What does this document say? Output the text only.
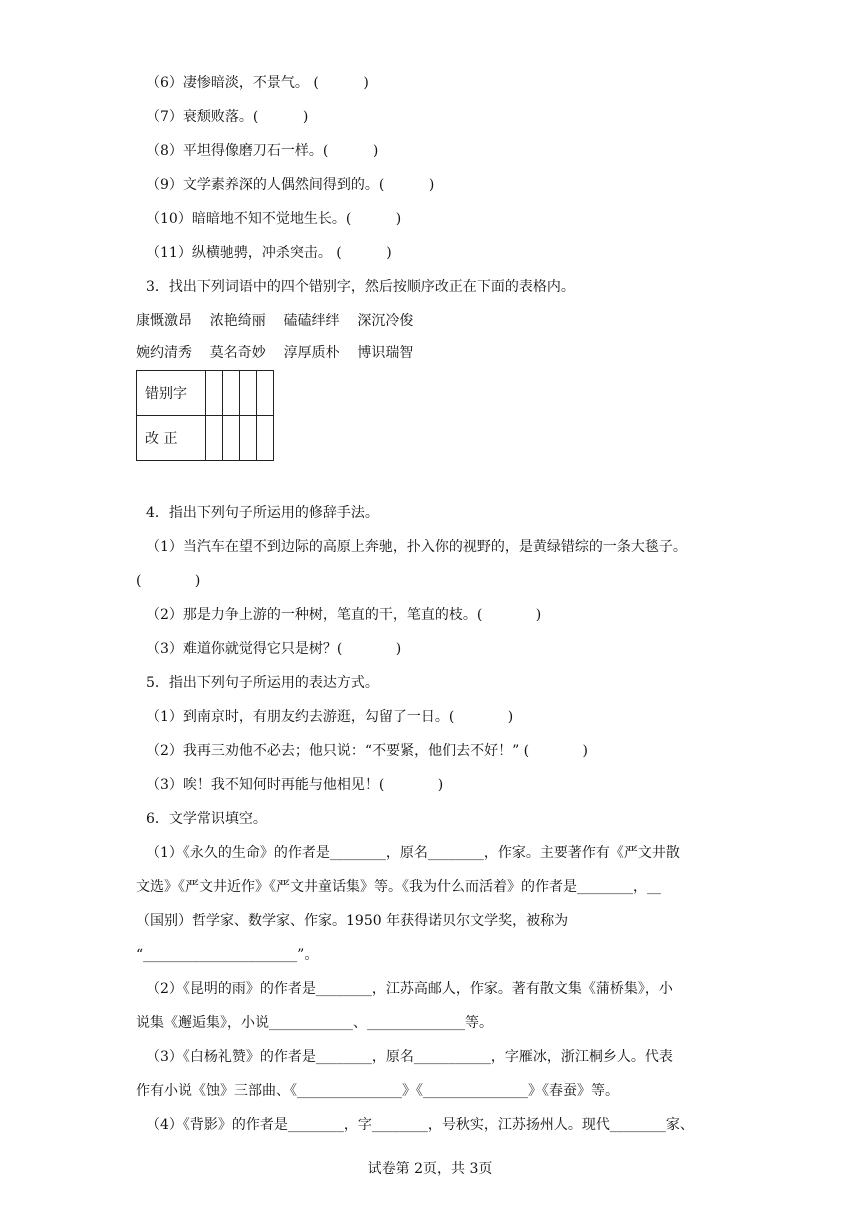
（6）凄惨暗淡，不景气。 (          )
（7）衰颓败落。(          )
（8）平坦得像磨刀石一样。(          )
（9）文学素养深的人偶然间得到的。(          )
（10）暗暗地不知不觉地生长。(          )
（11）纵横驰骋，冲杀突击。 (          )
3．找出下列词语中的四个错别字，然后按顺序改正在下面的表格内。
康慨激昂    浓艳绮丽    磕磕绊绊    深沉冷俊
婉约清秀    莫名奇妙    淳厚质朴    博识瑞智
错别字				
改 正				
4．指出下列句子所运用的修辞手法。
（1）当汽车在望不到边际的高原上奔驰，扑入你的视野的，是黄绿错综的一条大毯子。
(            )
（2）那是力争上游的一种树，笔直的干，笔直的枝。(            )
（3）难道你就觉得它只是树？(            )
5．指出下列句子所运用的表达方式。
（1）到南京时，有朋友约去游逛，勾留了一日。(            )
（2）我再三劝他不必去；他只说：“不要紧，他们去不好！” (            )
（3）唉！我不知何时再能与他相见！(            )
6．文学常识填空。
（1）《永久的生命》的作者是________，原名________，作家。主要著作有《严文井散
文选》《严文井近作》《严文井童话集》等。《我为什么而活着》的作者是________，__
（国别）哲学家、数学家、作家。1950 年获得诺贝尔文学奖，被称为
“______________________”。
（2）《昆明的雨》的作者是________，江苏高邮人，作家。著有散文集《蒲桥集》，小
说集《邂逅集》，小说____________、______________等。
（3）《白杨礼赞》的作者是________，原名___________，字雁冰，浙江桐乡人。代表
作有小说《蚀》三部曲、《_______________》《_______________》《春蚕》等。
（4）《背影》的作者是________，字________，号秋实，江苏扬州人。现代________家、
试卷第 2页，共 3页
